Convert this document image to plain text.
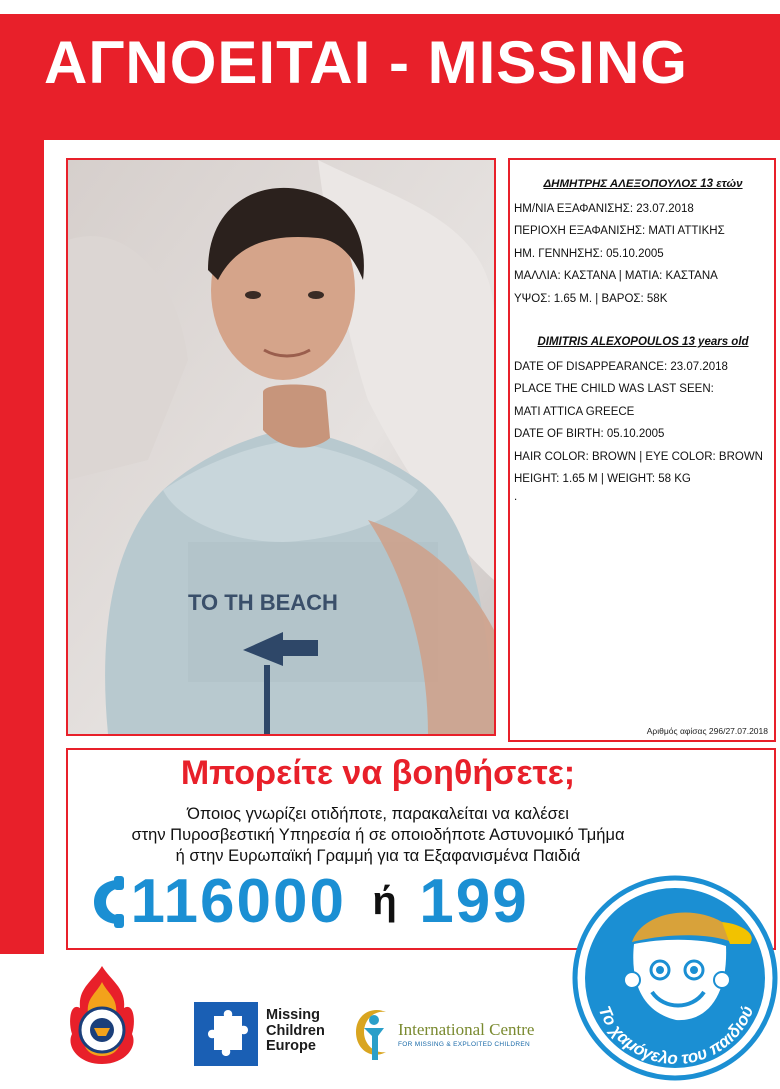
ΑΓΝΟΕΙΤΑΙ - MISSING
TO TH BEACH
ΔΗΜΗΤΡΗΣ ΑΛΕΞΟΠΟΥΛΟΣ 13 ετών
ΗΜ/ΝΙΑ ΕΞΑΦΑΝΙΣΗΣ: 23.07.2018
ΠΕΡΙΟΧΗ ΕΞΑΦΑΝΙΣΗΣ: ΜΑΤΙ ΑΤΤΙΚΗΣ
ΗΜ. ΓΕΝΝΗΣΗΣ: 05.10.2005
ΜΑΛΛΙΑ: ΚΑΣΤΑΝΑ | ΜΑΤΙΑ: ΚΑΣΤΑΝΑ
ΥΨΟΣ: 1.65 Μ. | ΒΑΡΟΣ: 58Κ
DIMITRIS ALEXOPOULOS 13 years old
DATE OF DISAPPEARANCE: 23.07.2018
PLACE THE CHILD WAS LAST SEEN:
MATI ATTICA GREECE
DATE OF BIRTH: 05.10.2005
HAIR COLOR: BROWN | EYE COLOR: BROWN
HEIGHT: 1.65 M | WEIGHT: 58 KG
.
Αριθμός αφίσας 296/27.07.2018
Μπορείτε να βοηθήσετε;
Όποιος γνωρίζει οτιδήποτε, παρακαλείται να καλέσει
στην Πυροσβεστική Υπηρεσία ή σε οποιοδήποτε Αστυνομικό Τμήμα
ή στην Ευρωπαϊκή Γραμμή για τα Εξαφανισμένα Παιδιά
116000 ή 199
Το χαμόγελο του παιδιού
Missing
Children
Europe
International Centre
FOR MISSING & EXPLOITED CHILDREN
